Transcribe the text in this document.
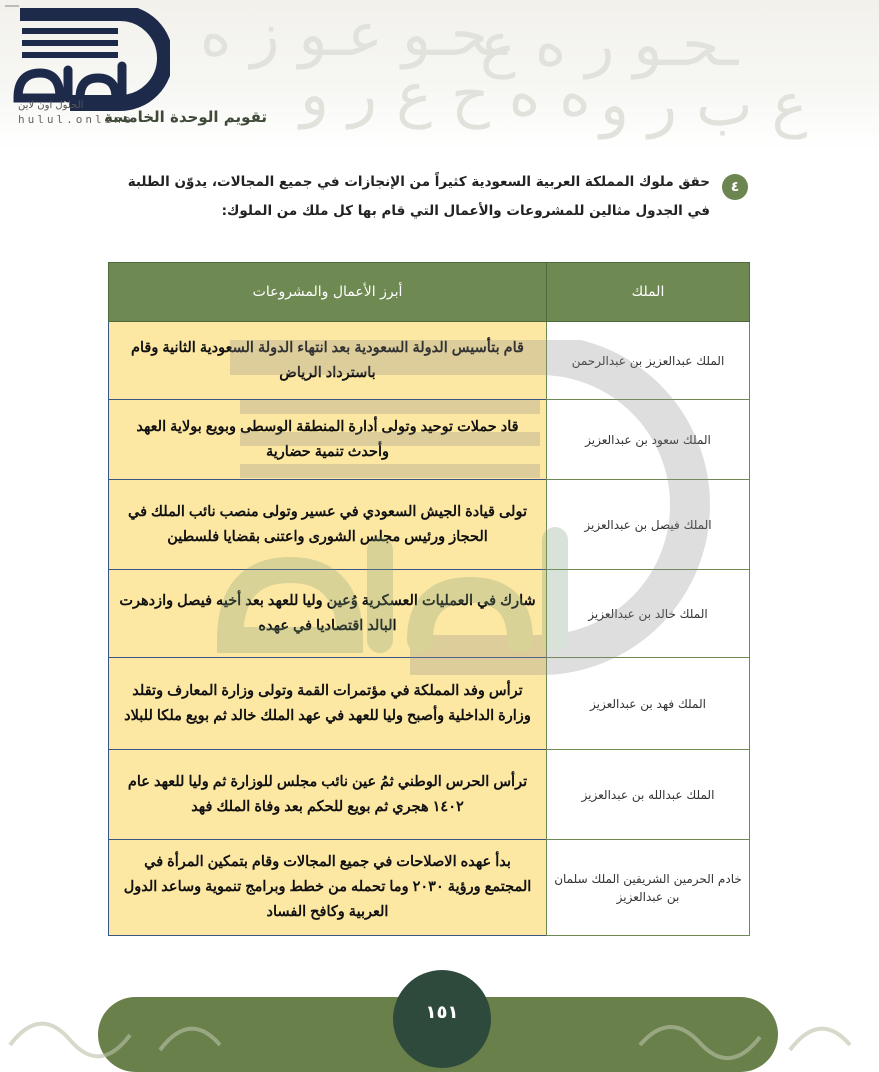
ـحـو عـو ز ه
ـحـو ر ه ع
ه ه ح ع ر و ع ب ر و
الحلول اون لاين
hulul.online
تقويم الوحدة الخامسة
٤
حقق ملوك المملكة العربية السعودية كثيراً من الإنجازات في جميع المجالات، يدوّن الطلبة في الجدول مثالين للمشروعات والأعمال التي قام بها كل ملك من الملوك:
الملك	أبرز الأعمال والمشروعات
الملك عبدالعزيز بن عبدالرحمن	قام بتأسيس الدولة السعودية بعد انتهاء الدولة السعودية الثانية وقام باسترداد الرياض
الملك سعود بن عبدالعزيز	قاد حملات توحيد وتولى أدارة المنطقة الوسطى وبويع بولاية العهد وأحدث تنمية حضارية
الملك فيصل بن عبدالعزيز	تولى قيادة الجيش السعودي في عسير وتولى منصب نائب الملك في الحجاز ورئيس مجلس الشورى واعتنى بقضايا فلسطين
الملك خالد بن عبدالعزيز	شارك في العمليات العسكرية وُعين وليا للعهد بعد أخيه فيصل وازدهرت البالد اقتصاديا في عهده
الملك فهد بن عبدالعزيز	ترأس وفد المملكة في مؤتمرات القمة وتولى وزارة المعارف وتقلد وزارة الداخلية وأصبح وليا للعهد في عهد الملك خالد ثم بويع ملكا للبلاد
الملك عبدالله بن عبدالعزيز	ترأس الحرس الوطني ثمُ عين نائب مجلس للوزارة ثم وليا للعهد عام ١٤٠٢ هجري ثم بويع للحكم بعد وفاة الملك فهد
خادم الحرمين الشريفين الملك سلمان بن عبدالعزيز	بدأ عهده الاصلاحات في جميع المجالات وقام بتمكين المرأة في المجتمع ورؤية ٢٠٣٠ وما تحمله من خطط وبرامج تنموية وساعد الدول العربية وكافح الفساد
١٥١
